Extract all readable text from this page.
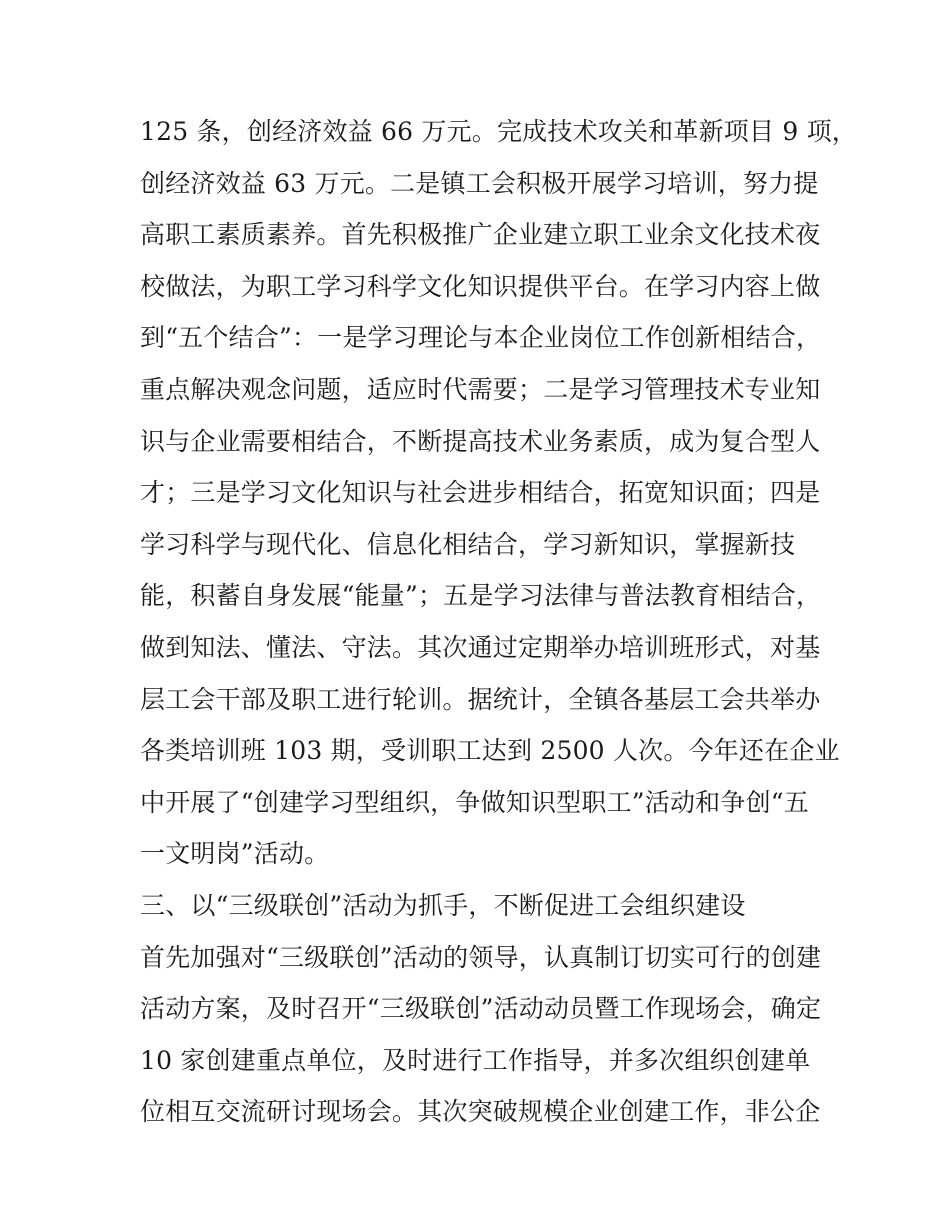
125 条，创经济效益 66 万元。完成技术攻关和革新项目 9 项，
创经济效益 63 万元。二是镇工会积极开展学习培训，努力提
高职工素质素养。首先积极推广企业建立职工业余文化技术夜
校做法，为职工学习科学文化知识提供平台。在学习内容上做
到“五个结合”：一是学习理论与本企业岗位工作创新相结合，
重点解决观念问题，适应时代需要；二是学习管理技术专业知
识与企业需要相结合，不断提高技术业务素质，成为复合型人
才；三是学习文化知识与社会进步相结合，拓宽知识面；四是
学习科学与现代化、信息化相结合，学习新知识，掌握新技
能，积蓄自身发展“能量”；五是学习法律与普法教育相结合，
做到知法、懂法、守法。其次通过定期举办培训班形式，对基
层工会干部及职工进行轮训。据统计，全镇各基层工会共举办
各类培训班 103 期，受训职工达到 2500 人次。今年还在企业
中开展了“创建学习型组织，争做知识型职工”活动和争创“五
一文明岗”活动。
三、以“三级联创”活动为抓手，不断促进工会组织建设
首先加强对“三级联创”活动的领导，认真制订切实可行的创建
活动方案，及时召开“三级联创”活动动员暨工作现场会，确定
10 家创建重点单位，及时进行工作指导，并多次组织创建单
位相互交流研讨现场会。其次突破规模企业创建工作，非公企
